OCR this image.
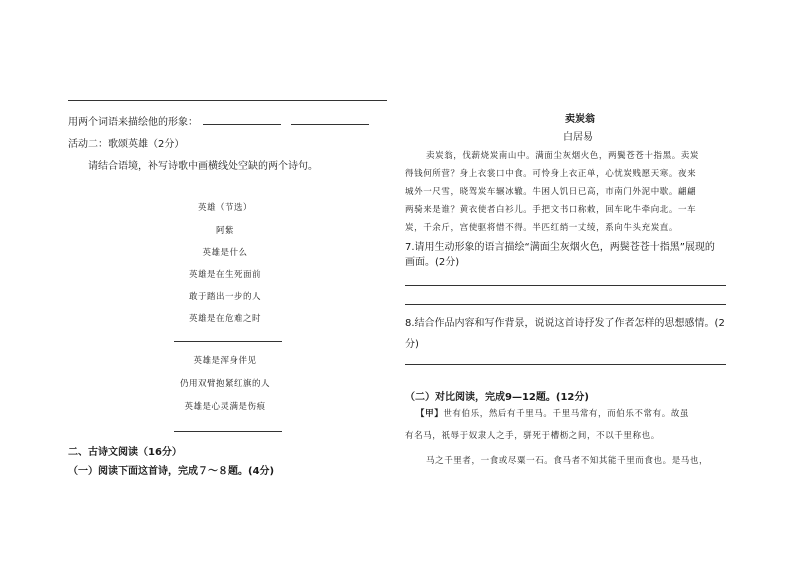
用两个词语来描绘他的形象：
活动二：歌颂英雄（2分）
请结合语境，补写诗歌中画横线处空缺的两个诗句。
英雄（节选）
阿紫
英雄是什么
英雄是在生死面前
敢于踏出一步的人
英雄是在危难之时
英雄是浑身伴见
仍用双臂抱紧红旗的人
英雄是心灵满是伤痕
二、古诗文阅读（16分）
（一）阅读下面这首诗，完成７～８题。(4分)
卖炭翁
白居易
卖炭翁，伐薪烧炭南山中。满面尘灰烟火色，两鬓苍苍十指黑。卖炭
得钱何所营？身上衣裳口中食。可怜身上衣正单，心忧炭贱愿天寒。夜来
城外一尺雪，晓驾炭车辗冰辙。牛困人饥日已高，市南门外泥中歇。翩翩
两骑来是谁？黄衣使者白衫儿。手把文书口称敕，回车叱牛牵向北。一车
炭，千余斤，宫使驱将惜不得。半匹红绡一丈绫，系向牛头充炭直。
7.请用生动形象的语言描绘“满面尘灰烟火色，两鬓苍苍十指黑”展现的
画面。(2分)
8.结合作品内容和写作背景，说说这首诗抒发了作者怎样的思想感情。(2
分)
（二）对比阅读，完成9—12题。(12分)
【甲】世有伯乐，然后有千里马。千里马常有，而伯乐不常有。故虽
有名马，祇辱于奴隶人之手，骈死于槽枥之间，不以千里称也。
马之千里者，一食或尽粟一石。食马者不知其能千里而食也。是马也，
